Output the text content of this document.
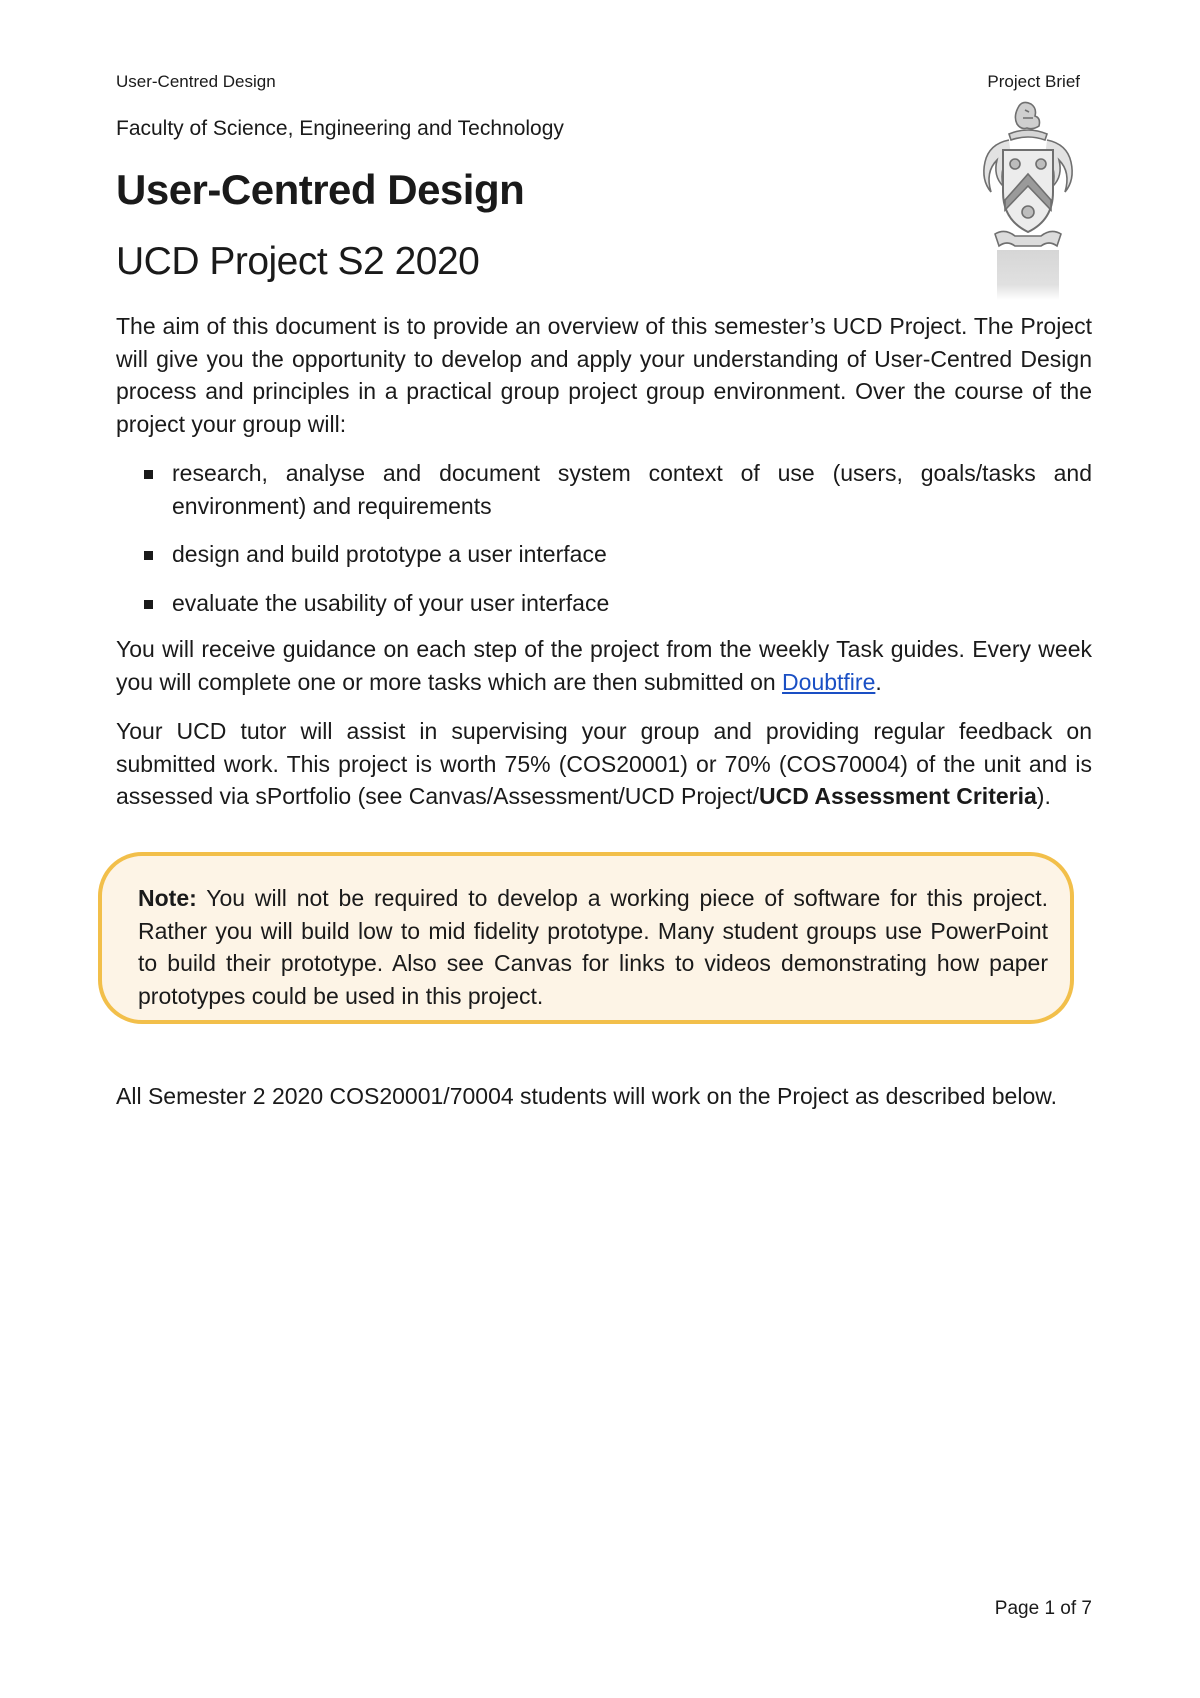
User-Centred Design	Project Brief
Faculty of Science, Engineering and Technology
User-Centred Design
UCD Project S2 2020

The aim of this document is to provide an overview of this semester’s UCD Project. The Project will give you the opportunity to develop and apply your understanding of User-Centred Design process and principles in a practical group project group environment. Over the course of the project your group will:

research, analyse and document system context of use (users, goals/tasks and environment) and requirements
design and build prototype a user interface
evaluate the usability of your user interface

You will receive guidance on each step of the project from the weekly Task guides. Every week you will complete one or more tasks which are then submitted on Doubtfire.

Your UCD tutor will assist in supervising your group and providing regular feedback on submitted work. This project is worth 75% (COS20001) or 70% (COS70004) of the unit and is assessed via sPortfolio (see Canvas/Assessment/UCD Project/UCD Assessment Criteria).

Note: You will not be required to develop a working piece of software for this project. Rather you will build low to mid fidelity prototype. Many student groups use PowerPoint to build their prototype. Also see Canvas for links to videos demonstrating how paper prototypes could be used in this project.

All Semester 2 2020 COS20001/70004 students will work on the Project as described below.

Page 1 of 7
